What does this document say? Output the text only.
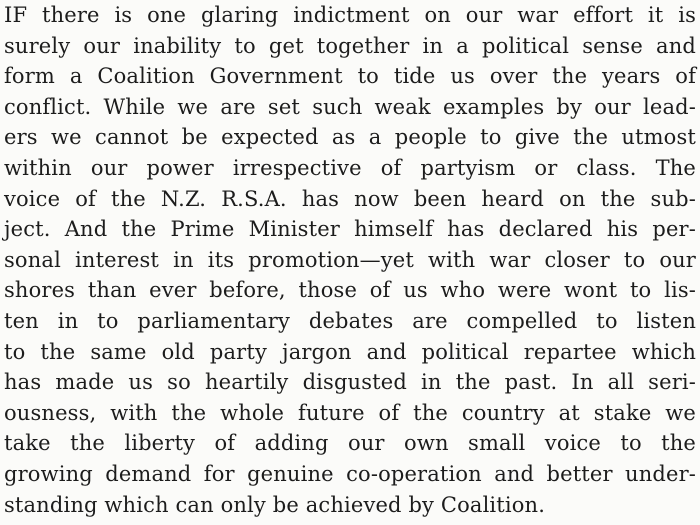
IF there is one glaring indictment on our war effort it is
surely our inability to get together in a political sense and
form a Coalition Government to tide us over the years of
conflict. While we are set such weak examples by our lead-
ers we cannot be expected as a people to give the utmost
within our power irrespective of partyism or class. The
voice of the N.Z. R.S.A. has now been heard on the sub-
ject. And the Prime Minister himself has declared his per-
sonal interest in its promotion—yet with war closer to our
shores than ever before, those of us who were wont to lis-
ten in to parliamentary debates are compelled to listen
to the same old party jargon and political repartee which
has made us so heartily disgusted in the past. In all seri-
ousness, with the whole future of the country at stake we
take the liberty of adding our own small voice to the
growing demand for genuine co-operation and better under-
standing which can only be achieved by Coalition.
